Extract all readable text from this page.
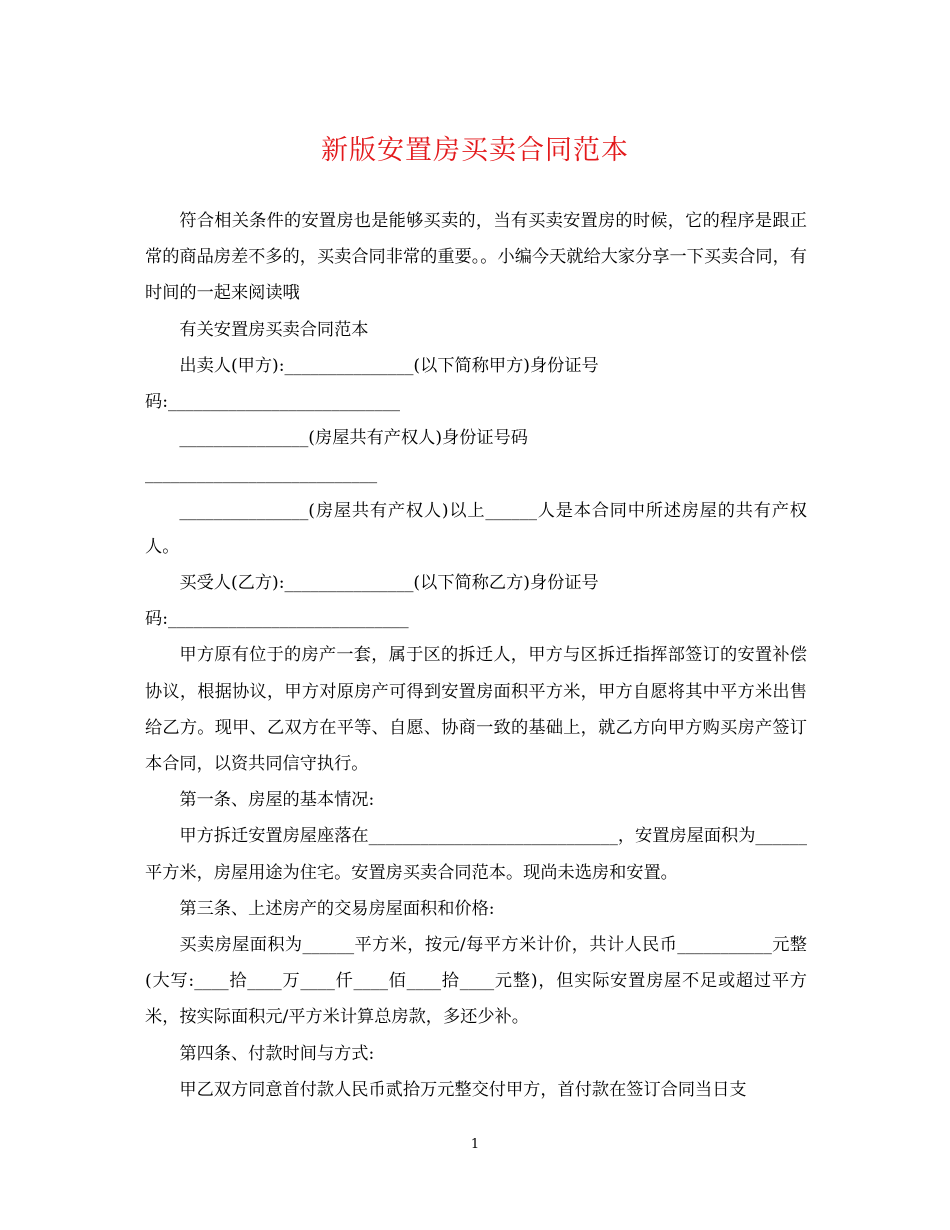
新版安置房买卖合同范本

符合相关条件的安置房也是能够买卖的，当有买卖安置房的时候，它的程序是跟正常的商品房差不多的，买卖合同非常的重要。。小编今天就给大家分享一下买卖合同，有时间的一起来阅读哦

有关安置房买卖合同范本

出卖人(甲方):_______________(以下简称甲方)身份证号

码:___________________________

_______________(房屋共有产权人)身份证号码

___________________________

_______________(房屋共有产权人)以上______人是本合同中所述房屋的共有产权人。

买受人(乙方):_______________(以下简称乙方)身份证号

码:____________________________

甲方原有位于的房产一套，属于区的拆迁人，甲方与区拆迁指挥部签订的安置补偿协议，根据协议，甲方对原房产可得到安置房面积平方米，甲方自愿将其中平方米出售给乙方。现甲、乙双方在平等、自愿、协商一致的基础上，就乙方向甲方购买房产签订本合同，以资共同信守执行。

第一条、房屋的基本情况:

甲方拆迁安置房屋座落在_____________________________，安置房屋面积为______平方米，房屋用途为住宅。安置房买卖合同范本。现尚未选房和安置。

第三条、上述房产的交易房屋面积和价格:

买卖房屋面积为______平方米，按元/每平方米计价，共计人民币___________元整(大写:____拾____万____仟____佰____拾____元整)，但实际安置房屋不足或超过平方米，按实际面积元/平方米计算总房款，多还少补。

第四条、付款时间与方式:

甲乙双方同意首付款人民币贰拾万元整交付甲方，首付款在签订合同当日支

1
